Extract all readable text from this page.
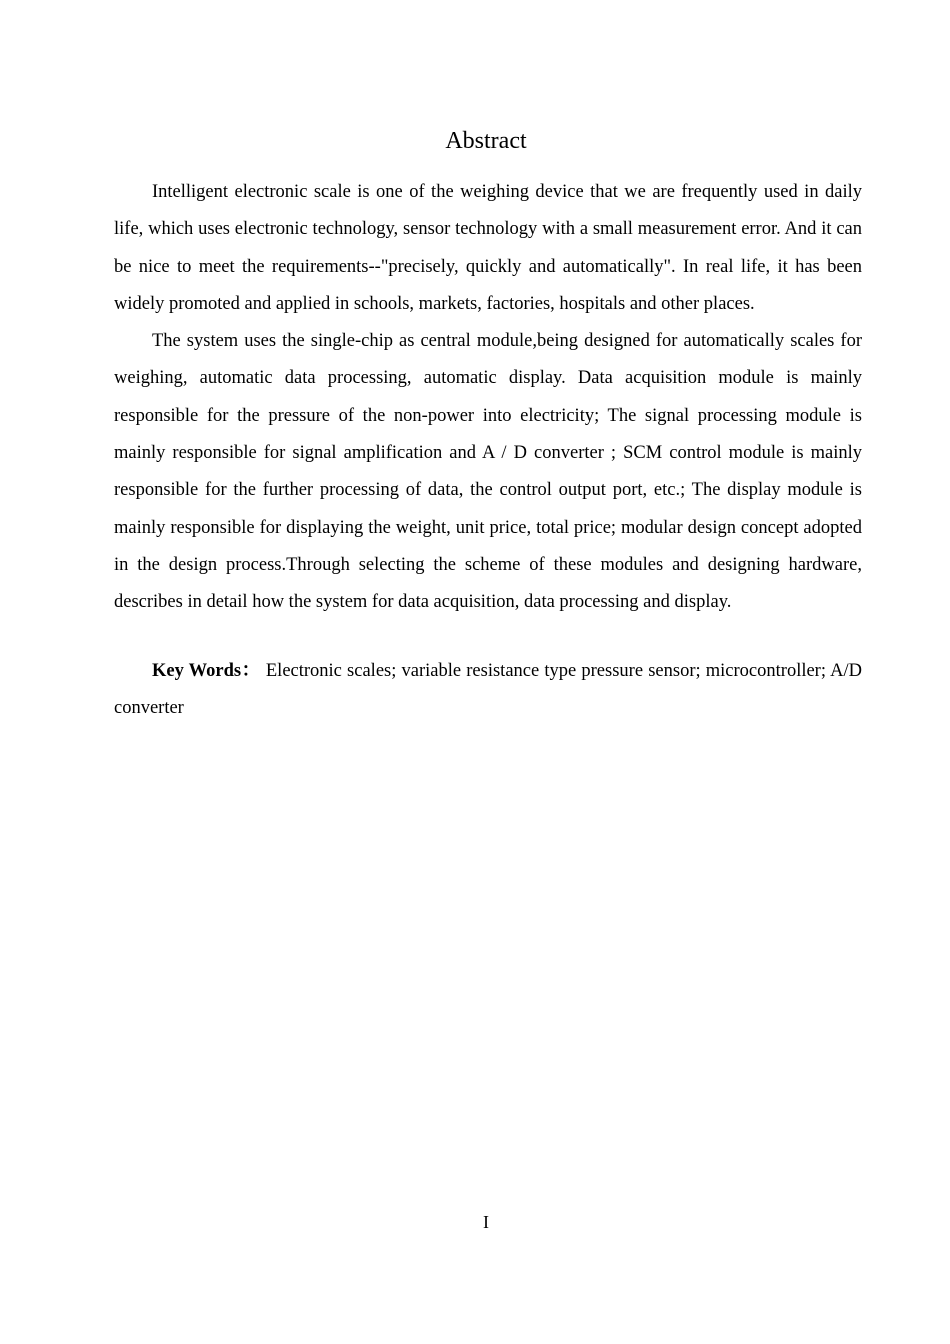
Abstract

Intelligent electronic scale is one of the weighing device that we are frequently used in daily life, which uses electronic technology, sensor technology with a small measurement error. And it can be nice to meet the requirements--"precisely, quickly and automatically". In real life, it has been widely promoted and applied in schools, markets, factories, hospitals and other places.

The system uses the single-chip as central module,being designed for automatically scales for weighing, automatic data processing, automatic display. Data acquisition module is mainly responsible for the pressure of the non-power into electricity; The signal processing module is mainly responsible for signal amplification and A / D converter ; SCM control module is mainly responsible for the further processing of data, the control output port, etc.; The display module is mainly responsible for displaying the weight, unit price, total price; modular design concept adopted in the design process.Through selecting the scheme of these modules and designing hardware, describes in detail how the system for data acquisition, data processing and display.

Key Words： Electronic scales; variable resistance type pressure sensor; microcontroller; A/D converter

I
